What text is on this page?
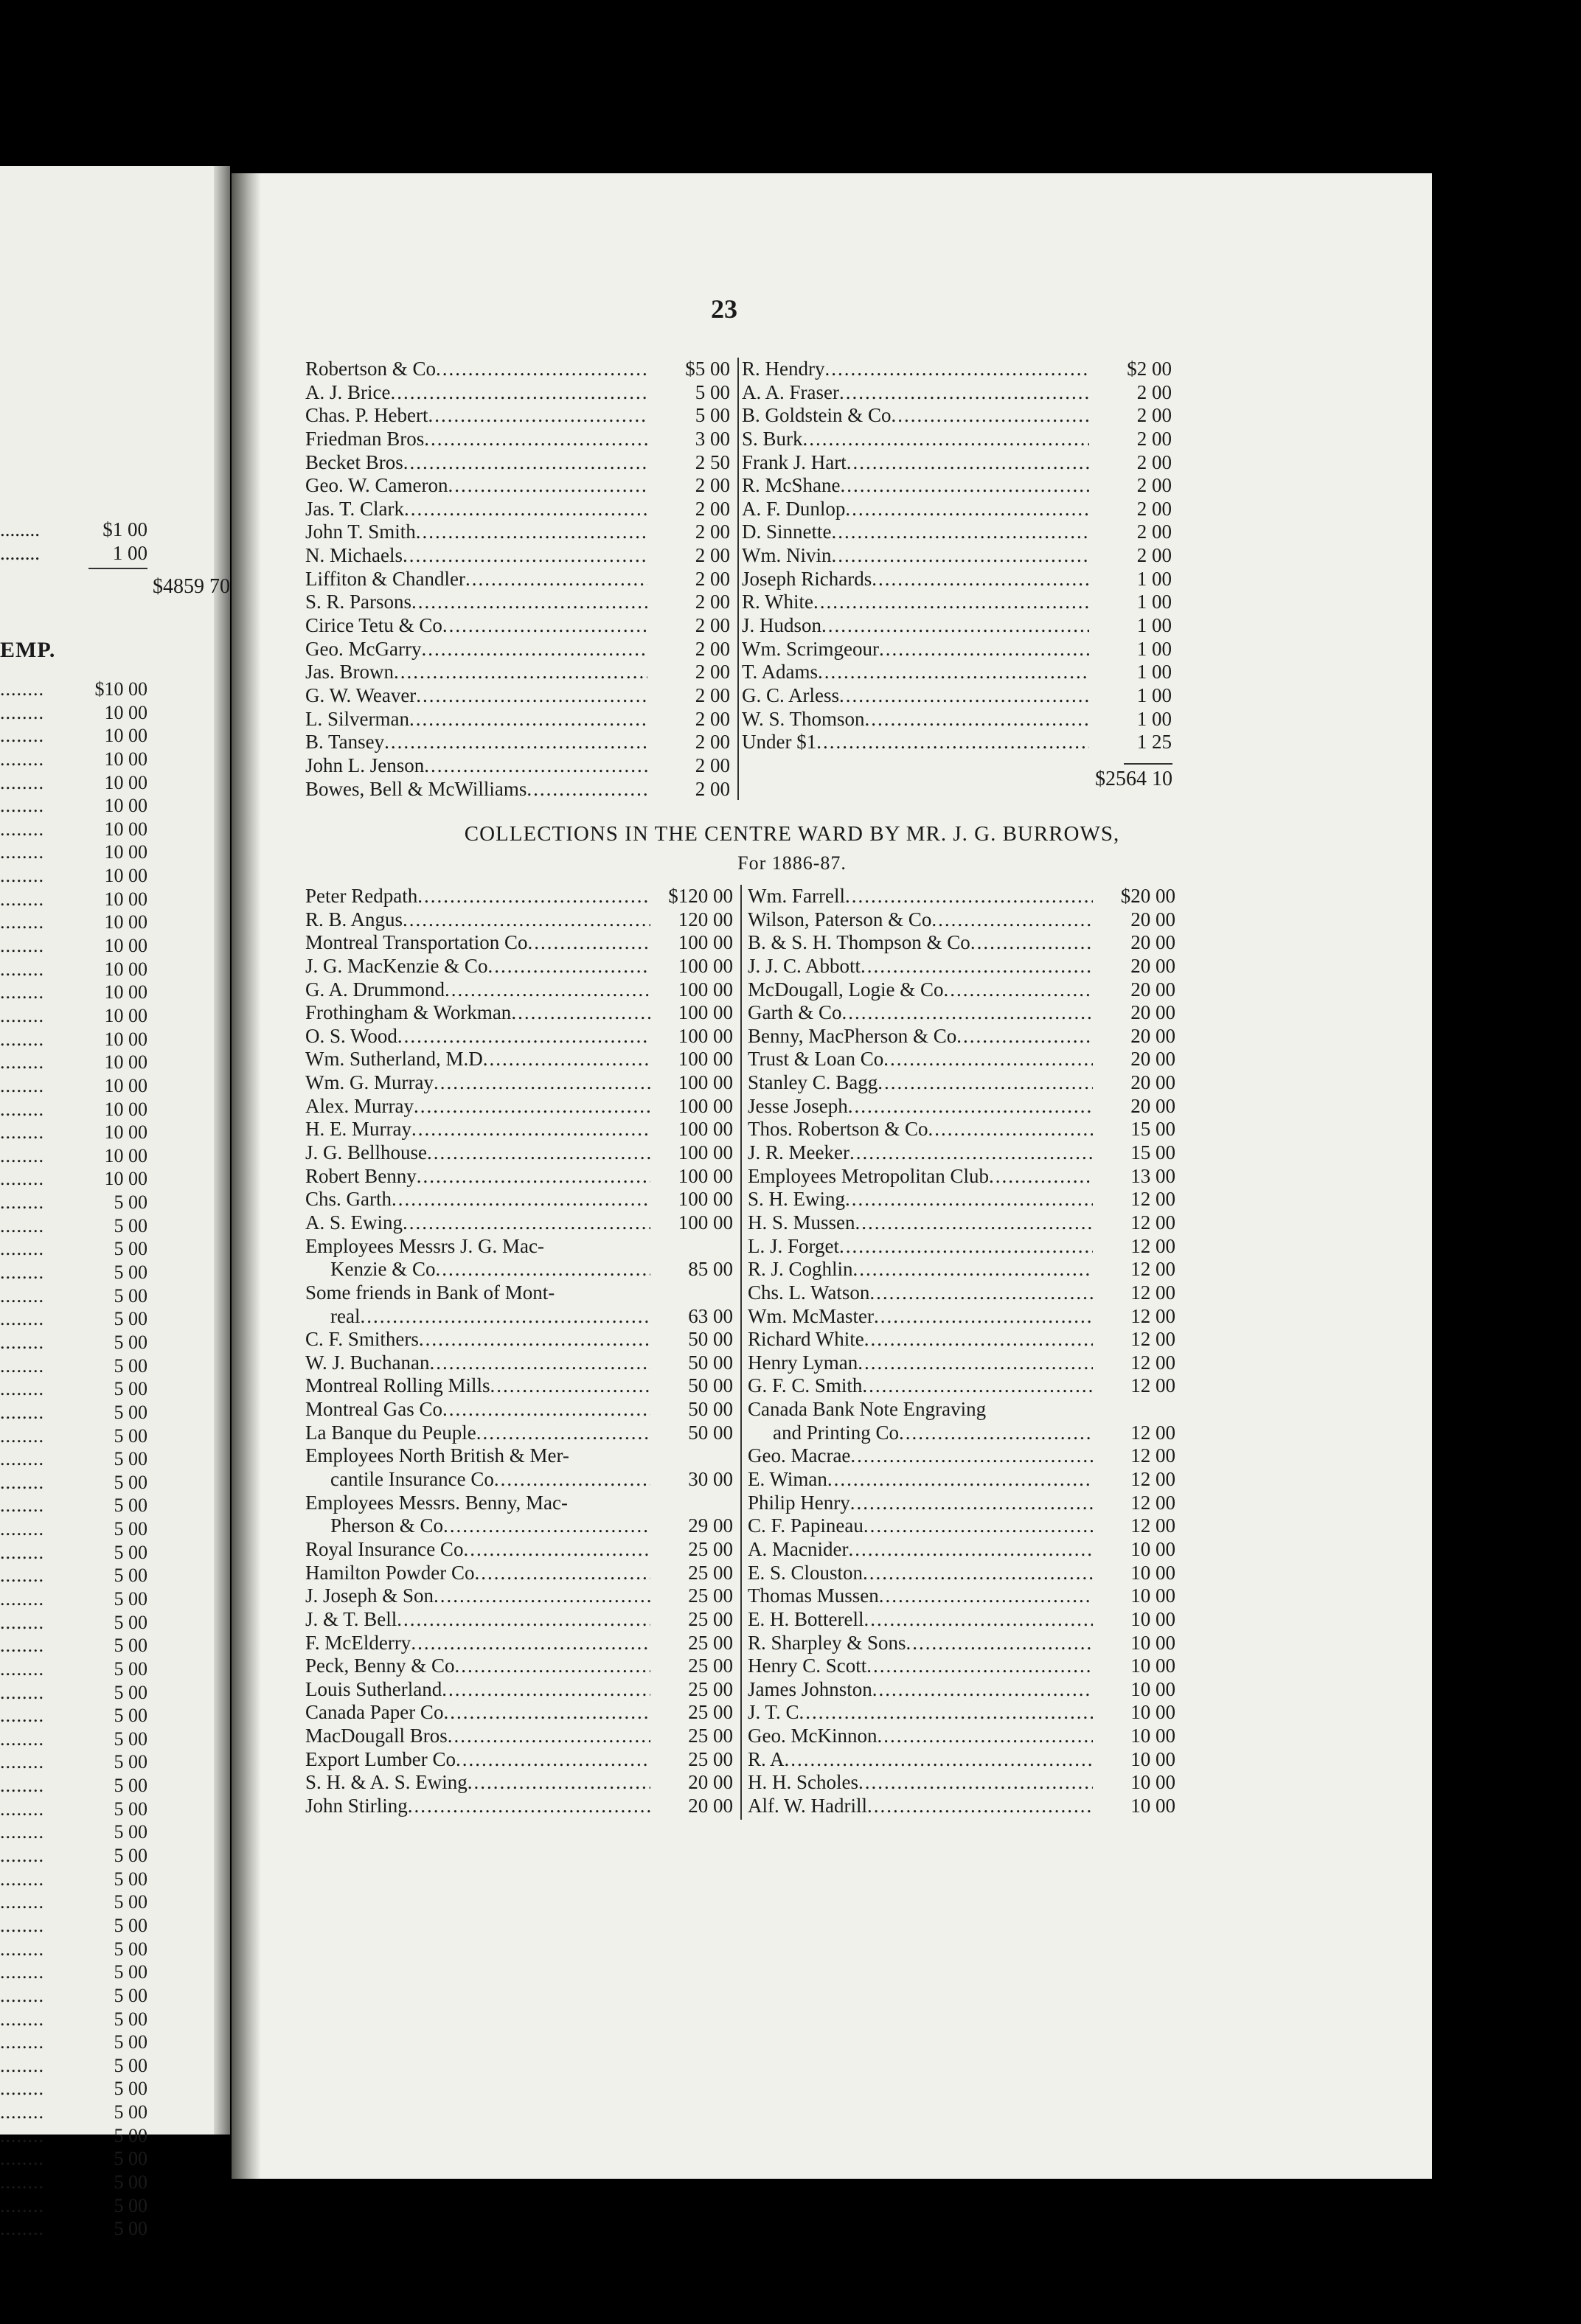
........	$1 00
........	1 00
$4859 70
EMP.
........	$10 00
........	10 00
........	10 00
........	10 00
........	10 00
........	10 00
........	10 00
........	10 00
........	10 00
........	10 00
........	10 00
........	10 00
........	10 00
........	10 00
........	10 00
........	10 00
........	10 00
........	10 00
........	10 00
........	10 00
........	10 00
........	10 00
........	5 00
........	5 00
........	5 00
........	5 00
........	5 00
........	5 00
........	5 00
........	5 00
........	5 00
........	5 00
........	5 00
........	5 00
........	5 00
........	5 00
........	5 00
........	5 00
........	5 00
........	5 00
........	5 00
........	5 00
........	5 00
........	5 00
........	5 00
........	5 00
........	5 00
........	5 00
........	5 00
........	5 00
........	5 00
........	5 00
........	5 00
........	5 00
........	5 00
........	5 00
........	5 00
........	5 00
........	5 00
........	5 00
........	5 00
........	5 00
........	5 00
........	5 00
........	5 00
........	5 00
........	5 00
23
Robertson & Co .....	$5 00
A. J. Brice .....	5 00
Chas. P. Hebert .....	5 00
Friedman Bros .....	3 00
Becket Bros .....	2 50
Geo. W. Cameron .....	2 00
Jas. T. Clark .....	2 00
John T. Smith .....	2 00
N. Michaels .....	2 00
Liffiton & Chandler .....	2 00
S. R. Parsons .....	2 00
Cirice Tetu & Co .....	2 00
Geo. McGarry .....	2 00
Jas. Brown .....	2 00
G. W. Weaver .....	2 00
L. Silverman .....	2 00
B. Tansey .....	2 00
John L. Jenson .....	2 00
Bowes, Bell & McWilliams .....	2 00
R. Hendry .....	$2 00
A. A. Fraser .....	2 00
B. Goldstein & Co .....	2 00
S. Burk .....	2 00
Frank J. Hart .....	2 00
R. McShane .....	2 00
A. F. Dunlop .....	2 00
D. Sinnette .....	2 00
Wm. Nivin .....	2 00
Joseph Richards .....	1 00
R. White .....	1 00
J. Hudson .....	1 00
Wm. Scrimgeour .....	1 00
T. Adams .....	1 00
G. C. Arless .....	1 00
W. S. Thomson .....	1 00
Under $1 .....	1 25
$2564 10
COLLECTIONS IN THE CENTRE WARD BY MR. J. G. BURROWS,
For 1886-87.
Peter Redpath .....	$120 00
R. B. Angus .....	120 00
Montreal Transportation Co .....	100 00
J. G. MacKenzie & Co .....	100 00
G. A. Drummond .....	100 00
Frothingham & Workman .....	100 00
O. S. Wood .....	100 00
Wm. Sutherland, M.D .....	100 00
Wm. G. Murray .....	100 00
Alex. Murray .....	100 00
H. E. Murray .....	100 00
J. G. Bellhouse .....	100 00
Robert Benny .....	100 00
Chs. Garth .....	100 00
A. S. Ewing .....	100 00
Employees Messrs J. G. Mac-
Kenzie & Co .....	85 00
Some friends in Bank of Mont-
real .....	63 00
C. F. Smithers .....	50 00
W. J. Buchanan .....	50 00
Montreal Rolling Mills .....	50 00
Montreal Gas Co .....	50 00
La Banque du Peuple .....	50 00
Employees North British & Mer-
cantile Insurance Co .....	30 00
Employees Messrs. Benny, Mac-
Pherson & Co .....	29 00
Royal Insurance Co .....	25 00
Hamilton Powder Co .....	25 00
J. Joseph & Son .....	25 00
J. & T. Bell .....	25 00
F. McElderry .....	25 00
Peck, Benny & Co .....	25 00
Louis Sutherland .....	25 00
Canada Paper Co .....	25 00
MacDougall Bros .....	25 00
Export Lumber Co .....	25 00
S. H. & A. S. Ewing .....	20 00
John Stirling .....	20 00
Wm. Farrell .....	$20 00
Wilson, Paterson & Co .....	20 00
B. & S. H. Thompson & Co .....	20 00
J. J. C. Abbott .....	20 00
McDougall, Logie & Co .....	20 00
Garth & Co .....	20 00
Benny, MacPherson & Co .....	20 00
Trust & Loan Co .....	20 00
Stanley C. Bagg .....	20 00
Jesse Joseph .....	20 00
Thos. Robertson & Co .....	15 00
J. R. Meeker .....	15 00
Employees Metropolitan Club .....	13 00
S. H. Ewing .....	12 00
H. S. Mussen .....	12 00
L. J. Forget .....	12 00
R. J. Coghlin .....	12 00
Chs. L. Watson .....	12 00
Wm. McMaster .....	12 00
Richard White .....	12 00
Henry Lyman .....	12 00
G. F. C. Smith .....	12 00
Canada Bank Note Engraving
and Printing Co .....	12 00
Geo. Macrae .....	12 00
E. Wiman .....	12 00
Philip Henry .....	12 00
C. F. Papineau .....	12 00
A. Macnider .....	10 00
E. S. Clouston .....	10 00
Thomas Mussen .....	10 00
E. H. Botterell .....	10 00
R. Sharpley & Sons .....	10 00
Henry C. Scott .....	10 00
James Johnston .....	10 00
J. T. C .....	10 00
Geo. McKinnon .....	10 00
R. A .....	10 00
H. H. Scholes .....	10 00
Alf. W. Hadrill .....	10 00
